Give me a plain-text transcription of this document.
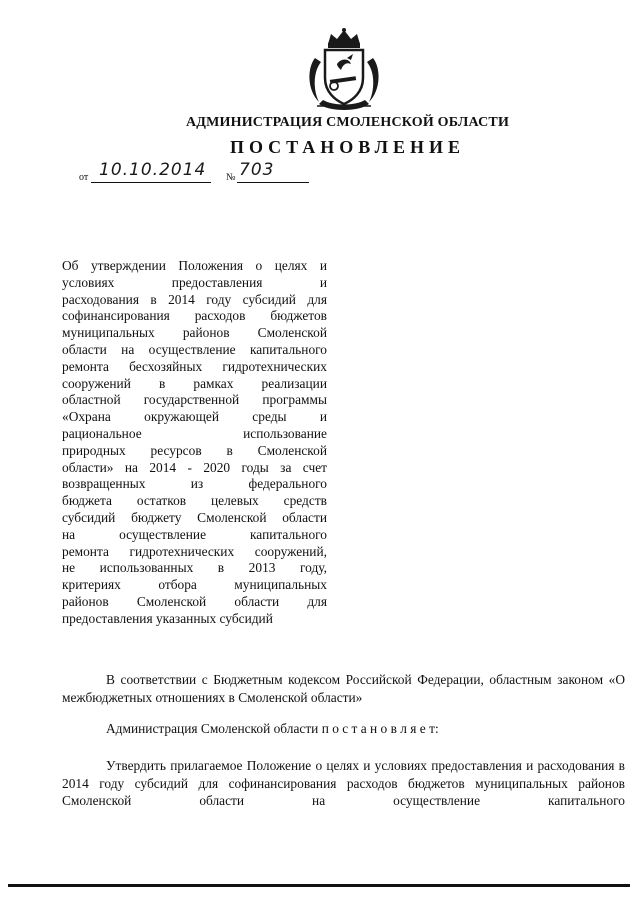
АДМИНИСТРАЦИЯ СМОЛЕНСКОЙ ОБЛАСТИ
ПОСТАНОВЛЕНИЕ
от 10.10.2014 № 703
Об утверждении Положения о целях и
условиях предоставления и
расходования в 2014 году субсидий для
софинансирования расходов бюджетов
муниципальных районов Смоленской
области на осуществление капитального
ремонта бесхозяйных гидротехнических
сооружений в рамках реализации
областной государственной программы
«Охрана окружающей среды и
рациональное использование
природных ресурсов в Смоленской
области» на 2014 - 2020 годы за счет
возвращенных из федерального
бюджета остатков целевых средств
субсидий бюджету Смоленской области
на осуществление капитального
ремонта гидротехнических сооружений,
не использованных в 2013 году,
критериях отбора муниципальных
районов Смоленской области для
предоставления указанных субсидий
В соответствии с Бюджетным кодексом Российской Федерации, областным законом «О межбюджетных отношениях в Смоленской области»
Администрация Смоленской области п о с т а н о в л я е т:
Утвердить прилагаемое Положение о целях и условиях предоставления и расходования в 2014 году субсидий для софинансирования расходов бюджетов муниципальных районов Смоленской области на осуществление капитального
